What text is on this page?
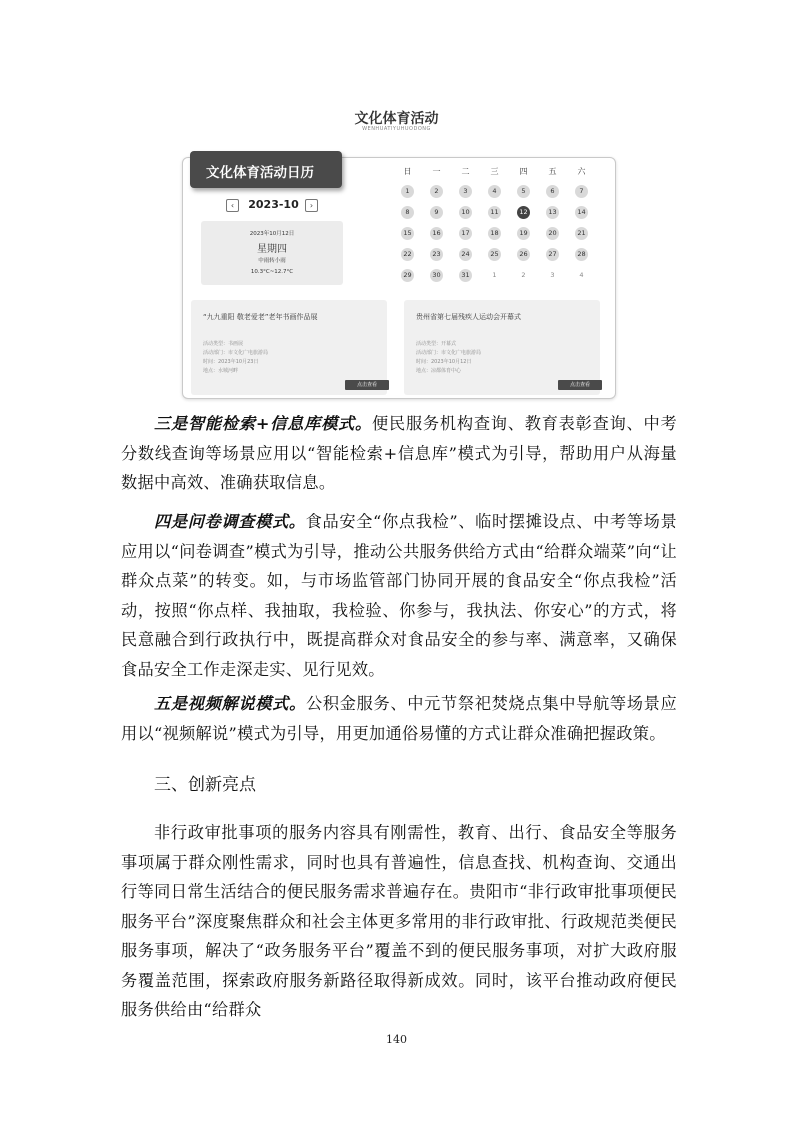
文化体育活动
WENHUATIYUHUODONG
文化体育活动日历
‹	2023-10	›
2023年10月12日
星期四
中雨转小雨
10.3°C~12.7°C
日	一	二	三	四	五	六
1	2	3	4	5	6	7
8	9	10	11	12	13	14
15	16	17	18	19	20	21
22	23	24	25	26	27	28
29	30	31	1	2	3	4
“九九重阳 敬老爱老”老年书画作品展
活动类型：书画展
活动部门：市文化广电旅游局
时间：2023年10月23日
地点：水城河畔
点击查看
贵州省第七届残疾人运动会开幕式
活动类型：开幕式
活动部门：市文化广电旅游局
时间：2023年10月12日
地点：凉都体育中心
点击查看

三是智能检索+信息库模式。便民服务机构查询、教育表彰查询、中考分数线查询等场景应用以“智能检索+信息库”模式为引导，帮助用户从海量数据中高效、准确获取信息。

四是问卷调查模式。食品安全“你点我检”、临时摆摊设点、中考等场景应用以“问卷调查”模式为引导，推动公共服务供给方式由“给群众端菜”向“让群众点菜”的转变。如，与市场监管部门协同开展的食品安全“你点我检”活动，按照“你点样、我抽取，我检验、你参与，我执法、你安心”的方式，将民意融合到行政执行中，既提高群众对食品安全的参与率、满意率，又确保食品安全工作走深走实、见行见效。

五是视频解说模式。公积金服务、中元节祭祀焚烧点集中导航等场景应用以“视频解说”模式为引导，用更加通俗易懂的方式让群众准确把握政策。

三、创新亮点

非行政审批事项的服务内容具有刚需性，教育、出行、食品安全等服务事项属于群众刚性需求，同时也具有普遍性，信息查找、机构查询、交通出行等同日常生活结合的便民服务需求普遍存在。贵阳市“非行政审批事项便民服务平台”深度聚焦群众和社会主体更多常用的非行政审批、行政规范类便民服务事项，解决了“政务服务平台”覆盖不到的便民服务事项，对扩大政府服务覆盖范围，探索政府服务新路径取得新成效。同时，该平台推动政府便民服务供给由“给群众

140
